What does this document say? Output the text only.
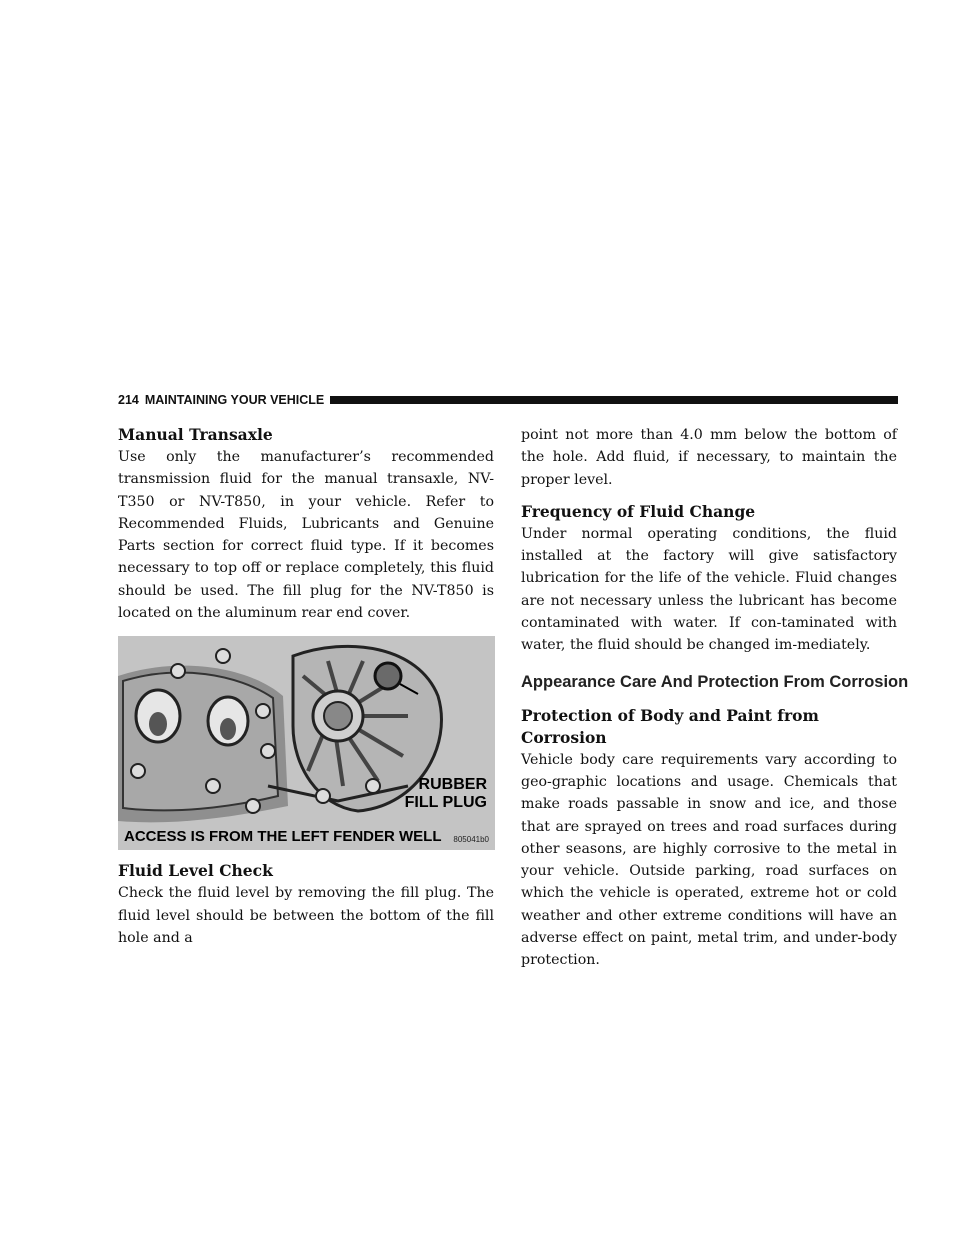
214 MAINTAINING YOUR VEHICLE
Manual Transaxle

Use only the manufacturer’s recommended transmission fluid for the manual transaxle, NV-T350 or NV-T850, in your vehicle. Refer to Recommended Fluids, Lubricants and Genuine Parts section for correct fluid type. If it becomes necessary to top off or replace completely, this fluid should be used. The fill plug for the NV-T850 is located on the aluminum rear end cover.

RUBBER
FILL PLUG
ACCESS IS FROM THE LEFT FENDER WELL	805041b0
Fluid Level Check

Check the fluid level by removing the fill plug. The fluid level should be between the bottom of the fill hole and a

point not more than 4.0 mm below the bottom of the hole. Add fluid, if necessary, to maintain the proper level.

Frequency of Fluid Change

Under normal operating conditions, the fluid installed at the factory will give satisfactory lubrication for the life of the vehicle. Fluid changes are not necessary unless the lubricant has become contaminated with water. If con-taminated with water, the fluid should be changed im-mediately.

Appearance Care And Protection From Corrosion
Protection of Body and Paint from Corrosion

Vehicle body care requirements vary according to geo-graphic locations and usage. Chemicals that make roads passable in snow and ice, and those that are sprayed on trees and road surfaces during other seasons, are highly corrosive to the metal in your vehicle. Outside parking, road surfaces on which the vehicle is operated, extreme hot or cold weather and other extreme conditions will have an adverse effect on paint, metal trim, and under-body protection.
